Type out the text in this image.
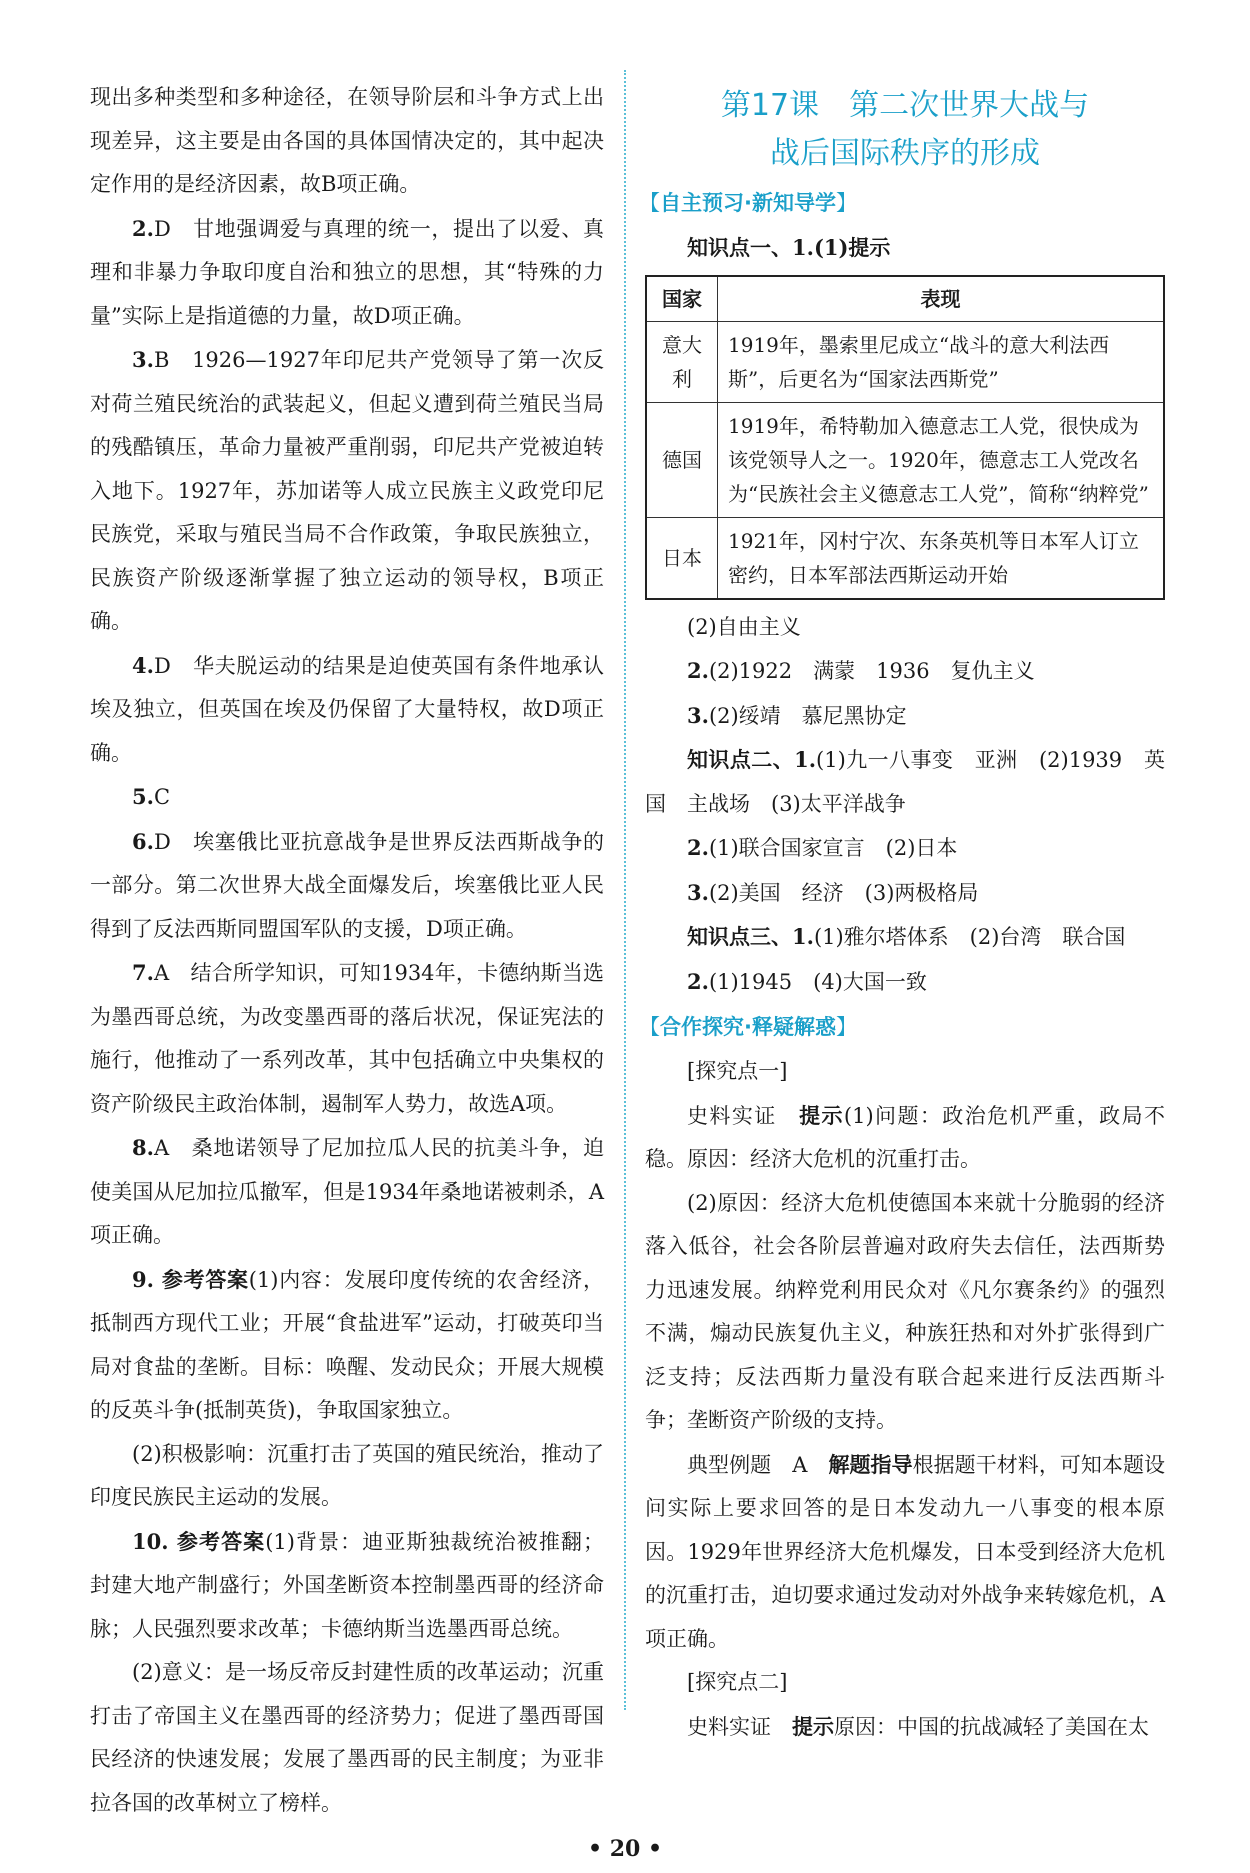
现出多种类型和多种途径，在领导阶层和斗争方式上出现差异，这主要是由各国的具体国情决定的，其中起决定作用的是经济因素，故B项正确。

2.D　甘地强调爱与真理的统一，提出了以爱、真理和非暴力争取印度自治和独立的思想，其“特殊的力量”实际上是指道德的力量，故D项正确。

3.B　1926—1927年印尼共产党领导了第一次反对荷兰殖民统治的武装起义，但起义遭到荷兰殖民当局的残酷镇压，革命力量被严重削弱，印尼共产党被迫转入地下。1927年，苏加诺等人成立民族主义政党印尼民族党，采取与殖民当局不合作政策，争取民族独立，民族资产阶级逐渐掌握了独立运动的领导权，B项正确。

4.D　华夫脱运动的结果是迫使英国有条件地承认埃及独立，但英国在埃及仍保留了大量特权，故D项正确。

5.C

6.D　埃塞俄比亚抗意战争是世界反法西斯战争的一部分。第二次世界大战全面爆发后，埃塞俄比亚人民得到了反法西斯同盟国军队的支援，D项正确。

7.A　结合所学知识，可知1934年，卡德纳斯当选为墨西哥总统，为改变墨西哥的落后状况，保证宪法的施行，他推动了一系列改革，其中包括确立中央集权的资产阶级民主政治体制，遏制军人势力，故选A项。

8.A　桑地诺领导了尼加拉瓜人民的抗美斗争，迫使美国从尼加拉瓜撤军，但是1934年桑地诺被刺杀，A项正确。

9. 参考答案(1)内容：发展印度传统的农舍经济，抵制西方现代工业；开展“食盐进军”运动，打破英印当局对食盐的垄断。目标：唤醒、发动民众；开展大规模的反英斗争(抵制英货)，争取国家独立。

(2)积极影响：沉重打击了英国的殖民统治，推动了印度民族民主运动的发展。

10. 参考答案(1)背景：迪亚斯独裁统治被推翻；封建大地产制盛行；外国垄断资本控制墨西哥的经济命脉；人民强烈要求改革；卡德纳斯当选墨西哥总统。

(2)意义：是一场反帝反封建性质的改革运动；沉重打击了帝国主义在墨西哥的经济势力；促进了墨西哥国民经济的快速发展；发展了墨西哥的民主制度；为亚非拉各国的改革树立了榜样。

第17课　第二次世界大战与
战后国际秩序的形成
【自主预习·新知导学】

知识点一、1.(1)提示

国家	表现
意大利	1919年，墨索里尼成立“战斗的意大利法西斯”，后更名为“国家法西斯党”
德国	1919年，希特勒加入德意志工人党，很快成为该党领导人之一。1920年，德意志工人党改名为“民族社会主义德意志工人党”，简称“纳粹党”
日本	1921年，冈村宁次、东条英机等日本军人订立密约，日本军部法西斯运动开始

(2)自由主义

2.(2)1922　满蒙　1936　复仇主义

3.(2)绥靖　慕尼黑协定

知识点二、1.(1)九一八事变　亚洲　(2)1939　英国　主战场　(3)太平洋战争

2.(1)联合国家宣言　(2)日本

3.(2)美国　经济　(3)两极格局

知识点三、1.(1)雅尔塔体系　(2)台湾　联合国

2.(1)1945　(4)大国一致

【合作探究·释疑解惑】

[探究点一]

史料实证　提示(1)问题：政治危机严重，政局不稳。原因：经济大危机的沉重打击。

(2)原因：经济大危机使德国本来就十分脆弱的经济落入低谷，社会各阶层普遍对政府失去信任，法西斯势力迅速发展。纳粹党利用民众对《凡尔赛条约》的强烈不满，煽动民族复仇主义，种族狂热和对外扩张得到广泛支持；反法西斯力量没有联合起来进行反法西斯斗争；垄断资产阶级的支持。

典型例题　A　解题指导根据题干材料，可知本题设问实际上要求回答的是日本发动九一八事变的根本原因。1929年世界经济大危机爆发，日本受到经济大危机的沉重打击，迫切要求通过发动对外战争来转嫁危机，A项正确。

[探究点二]

史料实证　提示原因：中国的抗战减轻了美国在太

• 20 •
